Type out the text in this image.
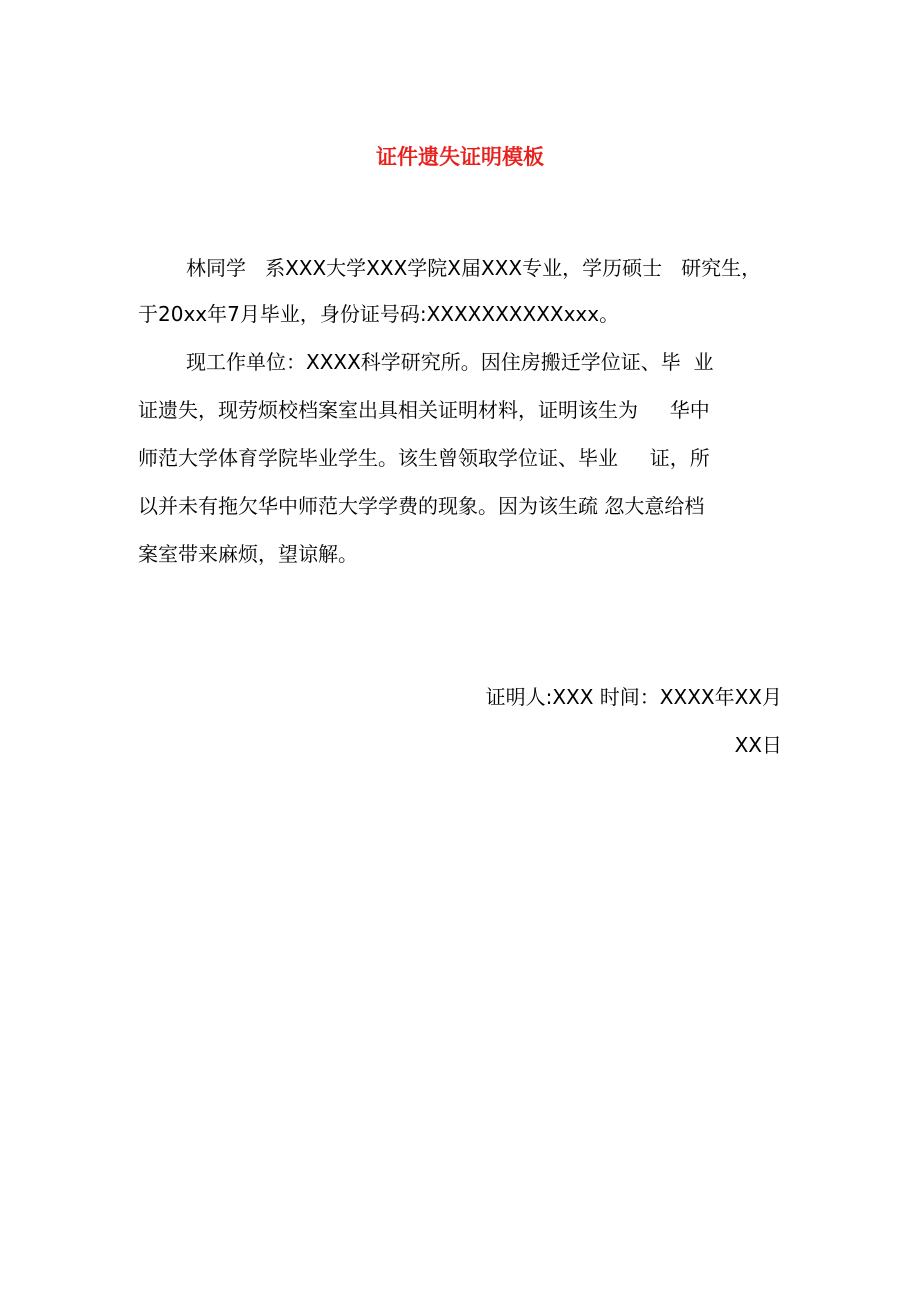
证件遗失证明模板
林同学   系XXX大学XXX学院X届XXX专业，学历硕士   研究生，
于20xx年7月毕业，身份证号码:XXXXXXXXXXxxx。
现工作单位：XXXX科学研究所。因住房搬迁学位证、毕  业
证遗失，现劳烦校档案室出具相关证明材料，证明该生为     华中
师范大学体育学院毕业学生。该生曾领取学位证、毕业     证，所
以并未有拖欠华中师范大学学费的现象。因为该生疏 忽大意给档
案室带来麻烦，望谅解。
证明人:XXX 时间：XXXX年XX月
XX日
